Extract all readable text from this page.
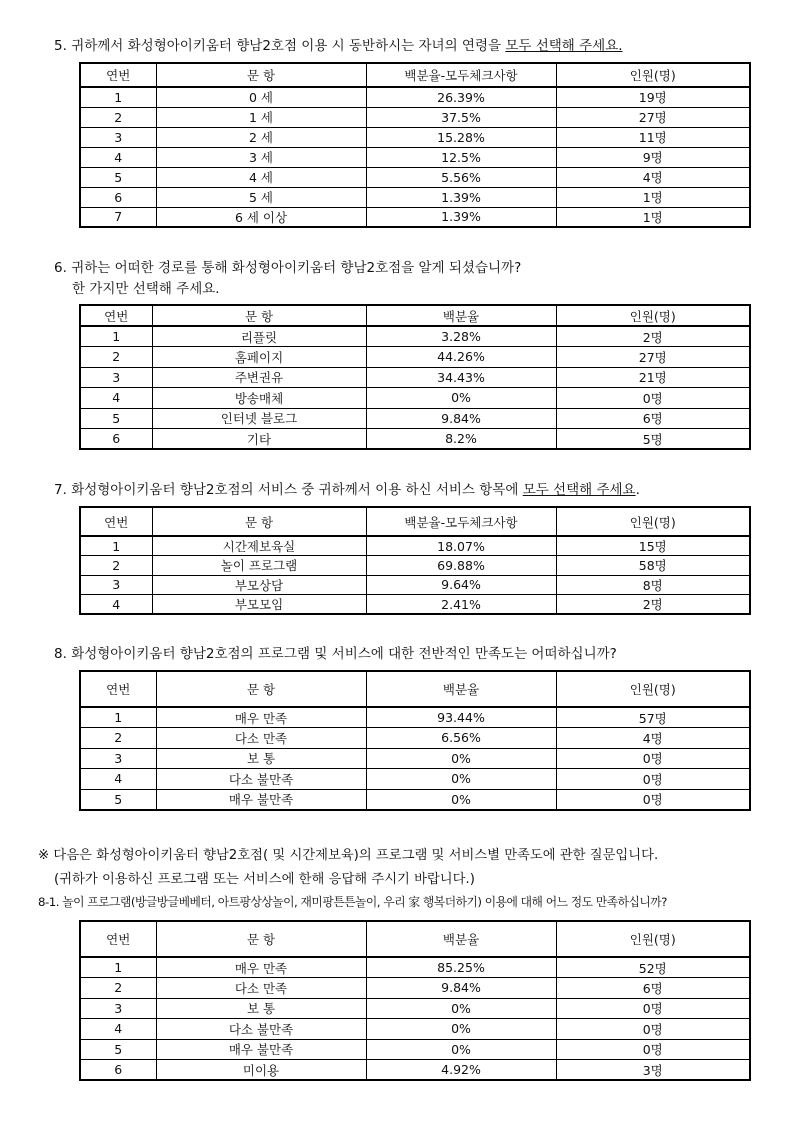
5. 귀하께서 화성형아이키움터 향남2호점 이용 시 동반하시는 자녀의 연령을 모두 선택해 주세요.
연번	문 항	백분율-모두체크사항	인원(명)
1	0 세	26.39%	19명
2	1 세	37.5%	27명
3	2 세	15.28%	11명
4	3 세	12.5%	9명
5	4 세	5.56%	4명
6	5 세	1.39%	1명
7	6 세 이상	1.39%	1명
6. 귀하는 어떠한 경로를 통해 화성형아이키움터 향남2호점을 알게 되셨습니까?
한 가지만 선택해 주세요.
연번	문 항	백분율	인원(명)
1	리플릿	3.28%	2명
2	홈페이지	44.26%	27명
3	주변권유	34.43%	21명
4	방송매체	0%	0명
5	인터넷 블로그	9.84%	6명
6	기타	8.2%	5명
7. 화성형아이키움터 향남2호점의 서비스 중 귀하께서 이용 하신 서비스 항목에 모두 선택해 주세요.
연번	문 항	백분율-모두체크사항	인원(명)
1	시간제보육실	18.07%	15명
2	놀이 프로그램	69.88%	58명
3	부모상담	9.64%	8명
4	부모모임	2.41%	2명
8. 화성형아이키움터 향남2호점의 프로그램 및 서비스에 대한 전반적인 만족도는 어떠하십니까?
연번	문 항	백분율	인원(명)
1	매우 만족	93.44%	57명
2	다소 만족	6.56%	4명
3	보 통	0%	0명
4	다소 불만족	0%	0명
5	매우 불만족	0%	0명
※ 다음은 화성형아이키움터 향남2호점( 및 시간제보육)의 프로그램 및 서비스별 만족도에 관한 질문입니다.
(귀하가 이용하신 프로그램 또는 서비스에 한해 응답해 주시기 바랍니다.)
8-1. 놀이 프로그램(방글방글베베터, 아트팡상상놀이, 재미팡튼튼놀이, 우리 家 행복더하기) 이용에 대해 어느 정도 만족하십니까?
연번	문 항	백분율	인원(명)
1	매우 만족	85.25%	52명
2	다소 만족	9.84%	6명
3	보 통	0%	0명
4	다소 불만족	0%	0명
5	매우 불만족	0%	0명
6	미이용	4.92%	3명
